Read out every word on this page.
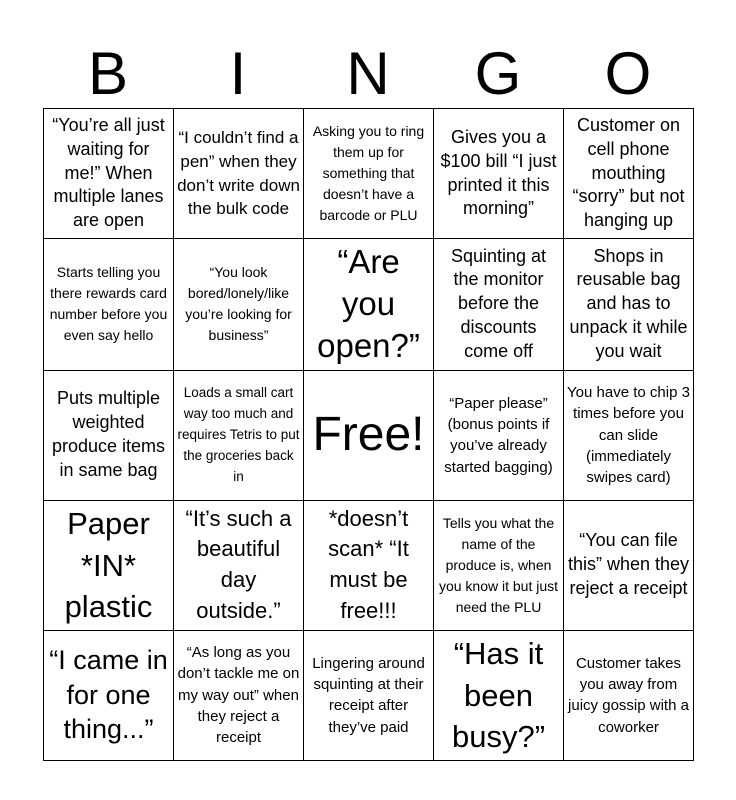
B	I	N	G	O
“You’re all just waiting for me!” When multiple lanes are open	“I couldn’t find a pen” when they don’t write down the bulk code	Asking you to ring them up for something that doesn’t have a barcode or PLU	Gives you a $100 bill “I just printed it this morning”	Customer on cell phone mouthing “sorry” but not hanging up

Starts telling you there rewards card number before you even say hello	“You look bored/lonely/like you’re looking for business”	“Are you open?”	Squinting at the monitor before the discounts come off	Shops in reusable bag and has to unpack it while you wait

Puts multiple weighted produce items in same bag	Loads a small cart way too much and requires Tetris to put the groceries back in	Free!	“Paper please” (bonus points if you’ve already started bagging)	You have to chip 3 times before you can slide (immediately swipes card)

Paper *IN* plastic	“It’s such a beautiful day outside.”	*doesn’t scan* “It must be free!!!	Tells you what the name of the produce is, when you know it but just need the PLU	“You can file this” when they reject a receipt

“I came in for one thing...”	“As long as you don’t tackle me on my way out” when they reject a receipt	Lingering around squinting at their receipt after they’ve paid	“Has it been busy?”	Customer takes you away from juicy gossip with a coworker
